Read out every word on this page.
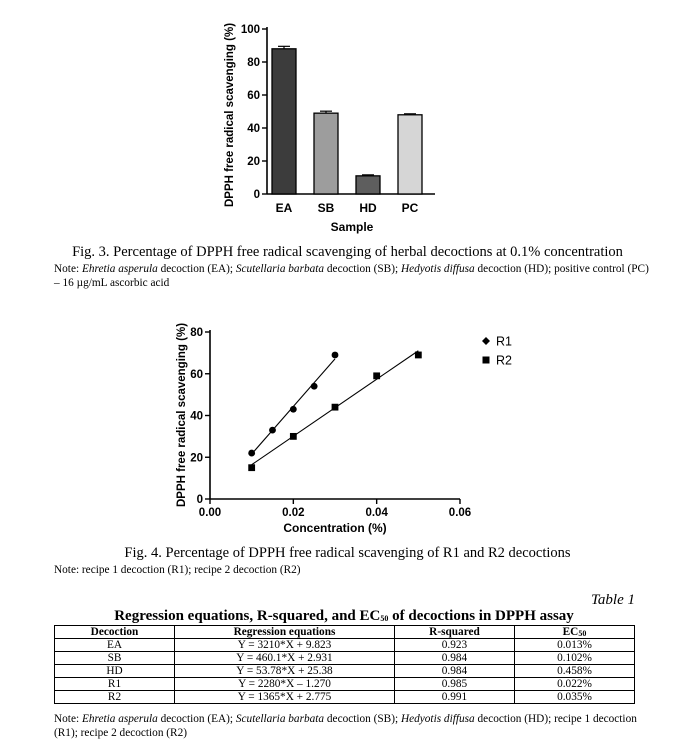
DPPH free radical scavenging (%) 0
20
40
60
80
100
EA SB HD PC
Sample
Fig. 3. Percentage of DPPH free radical scavenging of herbal decoctions at 0.1% concentration
Note: Ehretia asperula decoction (EA); Scutellaria barbata decoction (SB); Hedyotis diffusa decoction (HD); positive control (PC) – 16 µg/mL ascorbic acid
DPPH free radical scavenging (%) 0
20
40
60
80
0.00	0.02	0.04	0.06
R1
R2
Concentration (%)
Fig. 4. Percentage of DPPH free radical scavenging of R1 and R2 decoctions
Note: recipe 1 decoction (R1); recipe 2 decoction (R2)
Table 1
Regression equations, R-squared, and $EC_{50}$ of decoctions in DPPH assay
Decoction	Regression equations	R-squared	$EC_{50}$
EA	Y = 3210*X + 9.823	0.923	0.013%
SB	Y = 460.1*X + 2.931	0.984	0.102%
HD	Y = 53.78*X + 25.38	0.984	0.458%
R1	Y = 2280*X – 1.270	0.985	0.022%
R2	Y = 1365*X + 2.775	0.991	0.035%
Note: Ehretia asperula decoction (EA); Scutellaria barbata decoction (SB); Hedyotis diffusa decoction (HD); recipe 1 decoction (R1); recipe 2 decoction (R2)
